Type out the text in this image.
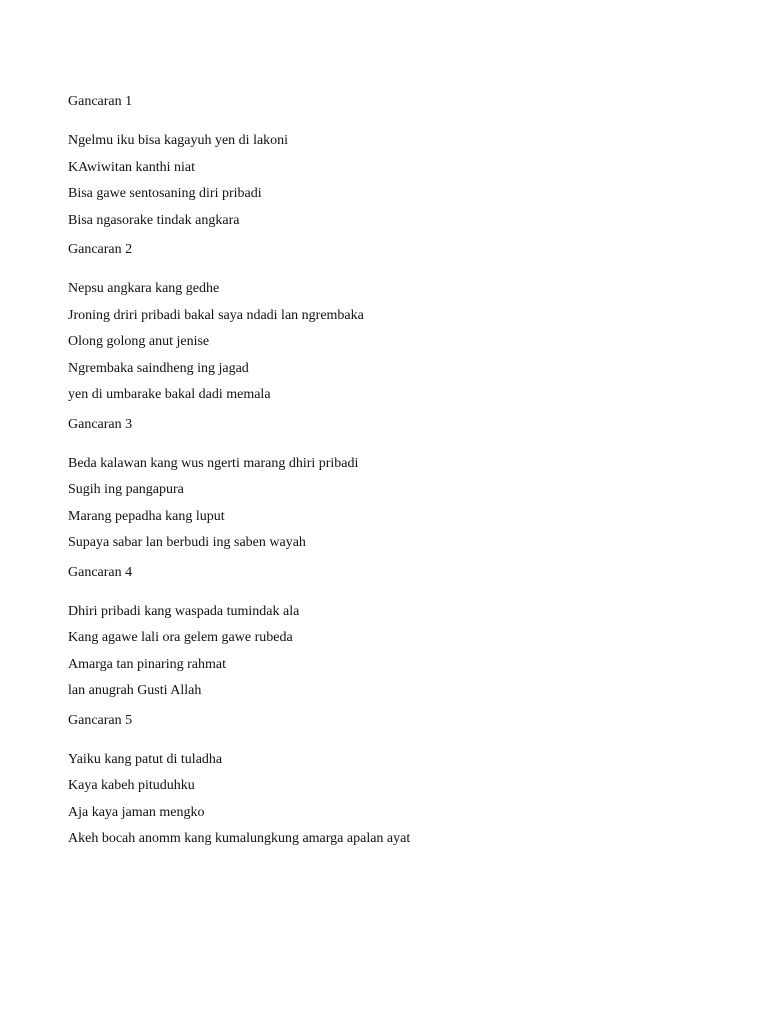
Gancaran 1
Ngelmu iku bisa kagayuh yen di lakoni
KAwiwitan kanthi niat
Bisa gawe sentosaning diri pribadi
Bisa ngasorake tindak angkara
Gancaran 2
Nepsu angkara kang gedhe
Jroning driri pribadi bakal saya ndadi lan ngrembaka
Olong golong anut jenise
Ngrembaka saindheng ing jagad
yen di umbarake bakal dadi memala
Gancaran 3
Beda kalawan kang wus ngerti marang dhiri pribadi
Sugih ing pangapura
Marang pepadha kang luput
Supaya sabar lan berbudi ing saben wayah
Gancaran 4
Dhiri pribadi kang waspada tumindak ala
Kang agawe lali ora gelem gawe rubeda
Amarga tan pinaring rahmat
lan anugrah Gusti Allah
Gancaran 5
Yaiku kang patut di tuladha
Kaya kabeh pituduhku
Aja kaya jaman mengko
Akeh bocah anomm kang kumalungkung amarga apalan ayat
